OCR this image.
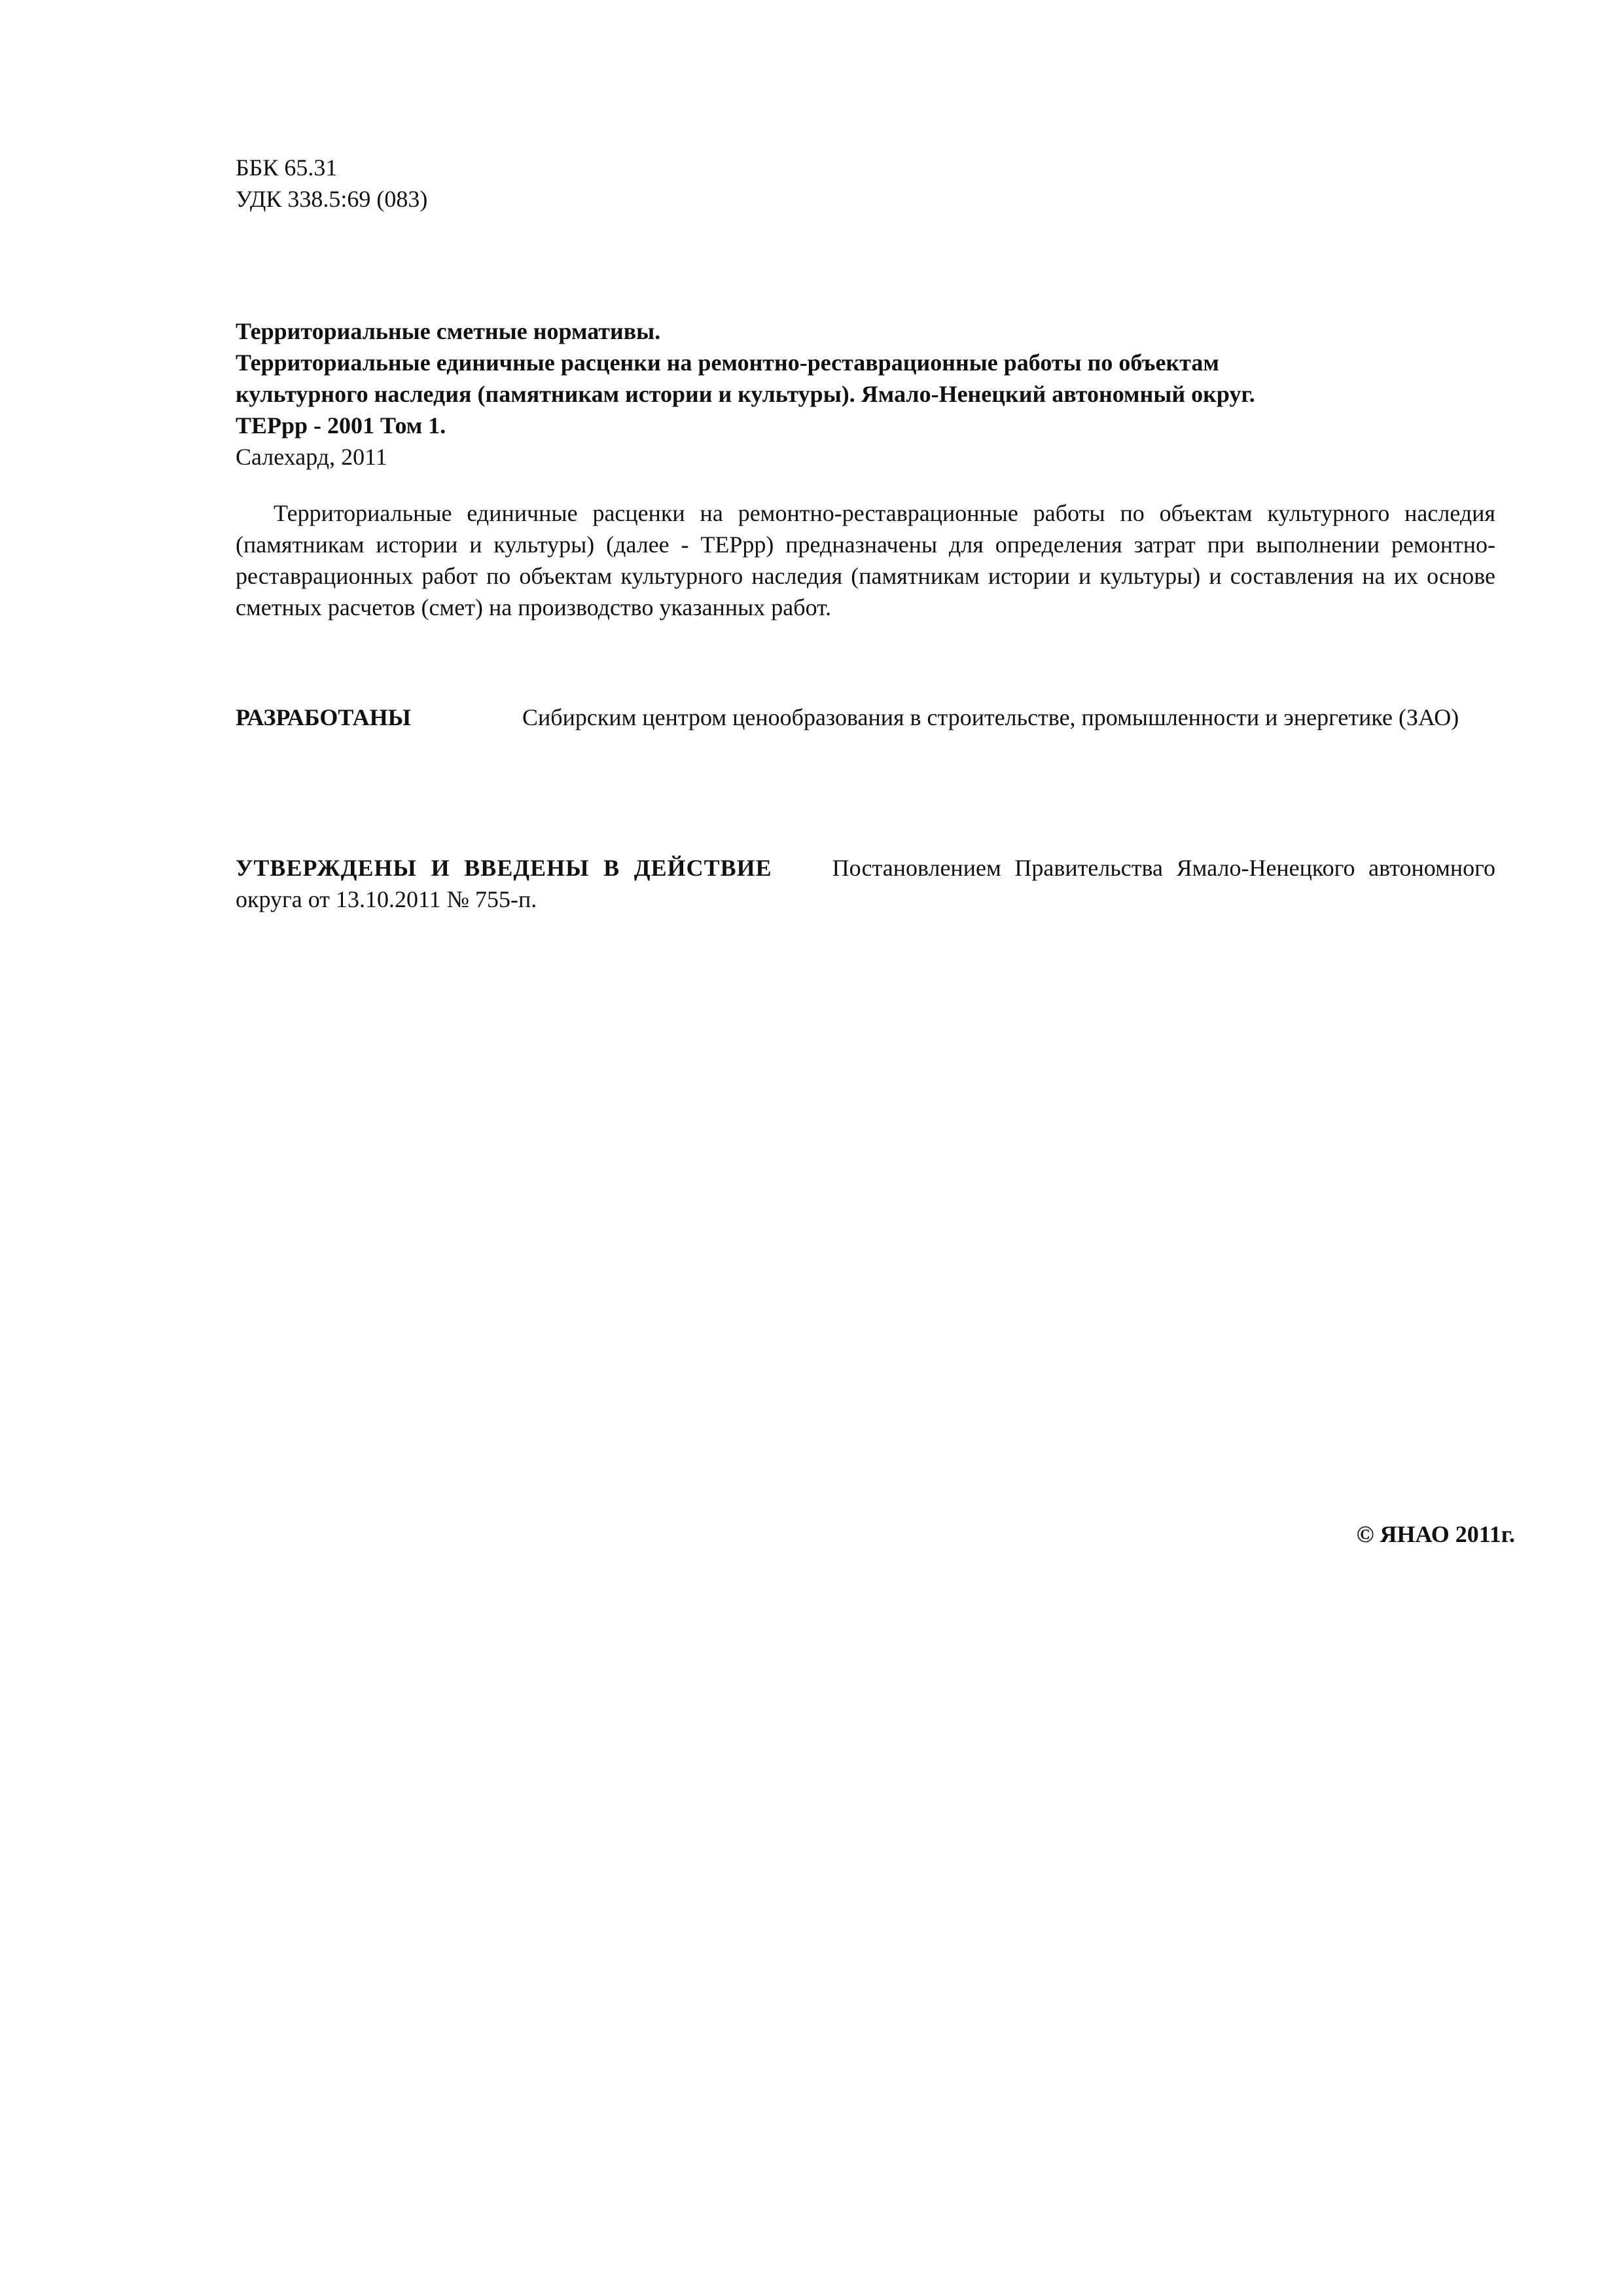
ББК 65.31
УДК 338.5:69 (083)
Территориальные сметные нормативы.
Территориальные единичные расценки на ремонтно-реставрационные работы по объектам
культурного наследия (памятникам истории и культуры). Ямало-Ненецкий автономный округ.
ТЕРрр - 2001 Том 1.
Салехард, 2011
Территориальные единичные расценки на ремонтно-реставрационные работы по объектам культурного наследия (памятникам истории и культуры) (далее - ТЕРрр) предназначены для определения затрат при выполнении ремонтно-реставрационных работ по объектам культурного наследия (памятникам истории и культуры) и составления на их основе сметных расчетов (смет) на производство указанных работ.
РАЗРАБОТАНЫ	Сибирским центром ценообразования в строительстве, промышленности и энергетике (ЗАО)
УТВЕРЖДЕНЫ И ВВЕДЕНЫ В ДЕЙСТВИЕ	Постановлением Правительства Ямало-Ненецкого автономного округа от 13.10.2011 № 755-п.
© ЯНАО 2011г.
